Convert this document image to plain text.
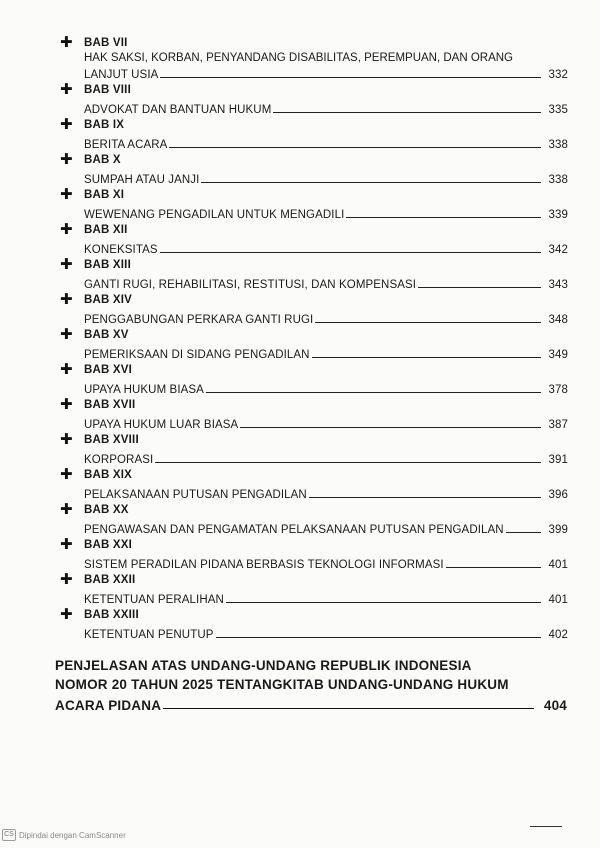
✚ BAB VII
HAK SAKSI, KORBAN, PENYANDANG DISABILITAS, PEREMPUAN, DAN ORANG
LANJUT USIA	332
✚ BAB VIII
ADVOKAT DAN BANTUAN HUKUM	335
✚ BAB IX
BERITA ACARA	338
✚ BAB X
SUMPAH ATAU JANJI	338
✚ BAB XI
WEWENANG PENGADILAN UNTUK MENGADILI	339
✚ BAB XII
KONEKSITAS	342
✚ BAB XIII
GANTI RUGI, REHABILITASI, RESTITUSI, DAN KOMPENSASI	343
✚ BAB XIV
PENGGABUNGAN PERKARA GANTI RUGI	348
✚ BAB XV
PEMERIKSAAN DI SIDANG PENGADILAN	349
✚ BAB XVI
UPAYA HUKUM BIASA	378
✚ BAB XVII
UPAYA HUKUM LUAR BIASA	387
✚ BAB XVIII
KORPORASI	391
✚ BAB XIX
PELAKSANAAN PUTUSAN PENGADILAN	396
✚ BAB XX
PENGAWASAN DAN PENGAMATAN PELAKSANAAN PUTUSAN PENGADILAN	399
✚ BAB XXI
SISTEM PERADILAN PIDANA BERBASIS TEKNOLOGI INFORMASI	401
✚ BAB XXII
KETENTUAN PERALIHAN	401
✚ BAB XXIII
KETENTUAN PENUTUP	402
PENJELASAN ATAS UNDANG-UNDANG REPUBLIK INDONESIA
NOMOR 20 TAHUN 2025 TENTANGKITAB UNDANG-UNDANG HUKUM
ACARA PIDANA	404
CS Dipindai dengan CamScanner
